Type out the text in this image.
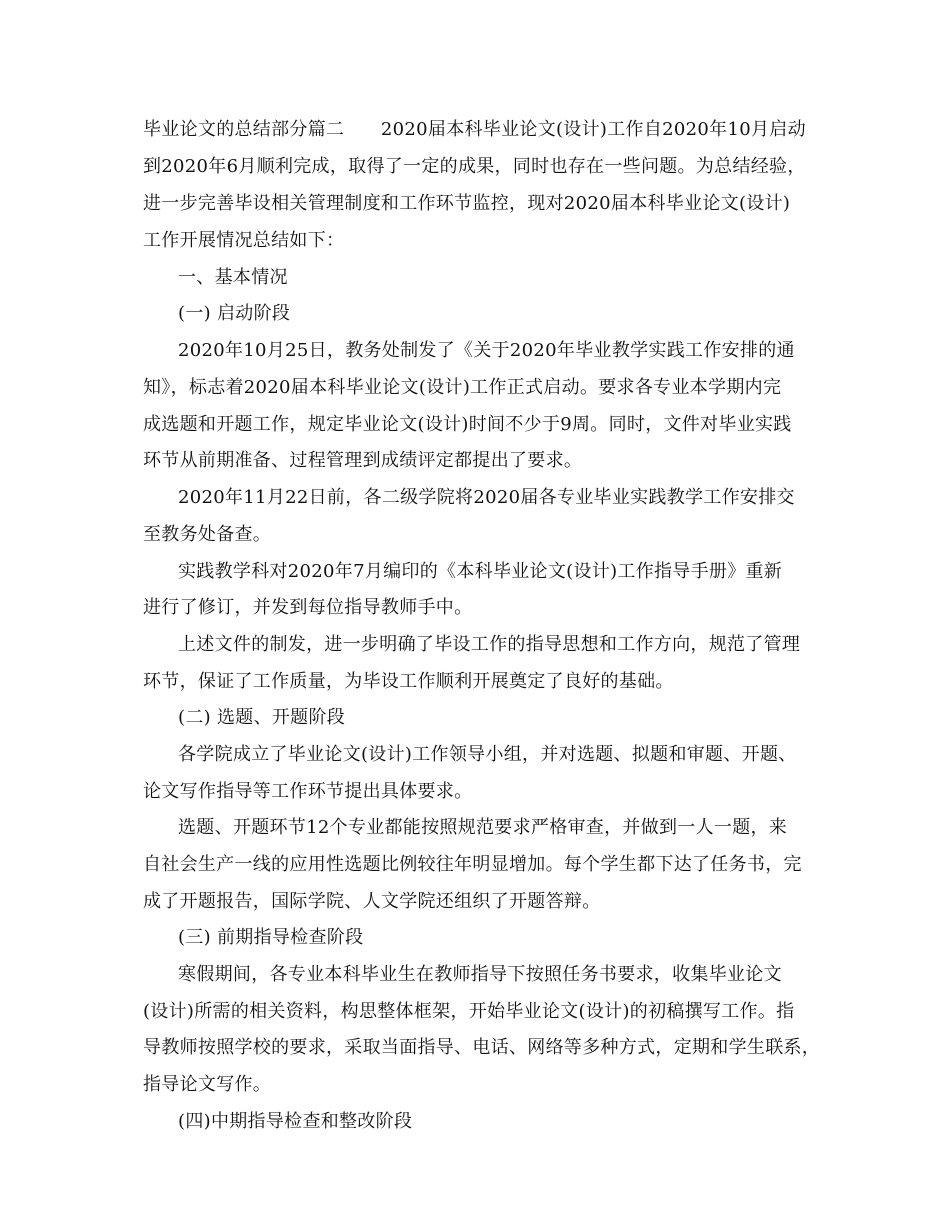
毕业论文的总结部分篇二　　2020届本科毕业论文(设计)工作自2020年10月启动
到2020年6月顺利完成，取得了一定的成果，同时也存在一些问题。为总结经验，
进一步完善毕设相关管理制度和工作环节监控，现对2020届本科毕业论文(设计)
工作开展情况总结如下：
一、基本情况
(一) 启动阶段
2020年10月25日，教务处制发了《关于2020年毕业教学实践工作安排的通
知》，标志着2020届本科毕业论文(设计)工作正式启动。要求各专业本学期内完
成选题和开题工作，规定毕业论文(设计)时间不少于9周。同时，文件对毕业实践
环节从前期准备、过程管理到成绩评定都提出了要求。
2020年11月22日前，各二级学院将2020届各专业毕业实践教学工作安排交
至教务处备查。
实践教学科对2020年7月编印的《本科毕业论文(设计)工作指导手册》重新
进行了修订，并发到每位指导教师手中。
上述文件的制发，进一步明确了毕设工作的指导思想和工作方向，规范了管理
环节，保证了工作质量，为毕设工作顺利开展奠定了良好的基础。
(二) 选题、开题阶段
各学院成立了毕业论文(设计)工作领导小组，并对选题、拟题和审题、开题、
论文写作指导等工作环节提出具体要求。
选题、开题环节12个专业都能按照规范要求严格审查，并做到一人一题，来
自社会生产一线的应用性选题比例较往年明显增加。每个学生都下达了任务书，完
成了开题报告，国际学院、人文学院还组织了开题答辩。
(三) 前期指导检查阶段
寒假期间，各专业本科毕业生在教师指导下按照任务书要求，收集毕业论文
(设计)所需的相关资料，构思整体框架，开始毕业论文(设计)的初稿撰写工作。指
导教师按照学校的要求，采取当面指导、电话、网络等多种方式，定期和学生联系，
指导论文写作。
(四)中期指导检查和整改阶段
